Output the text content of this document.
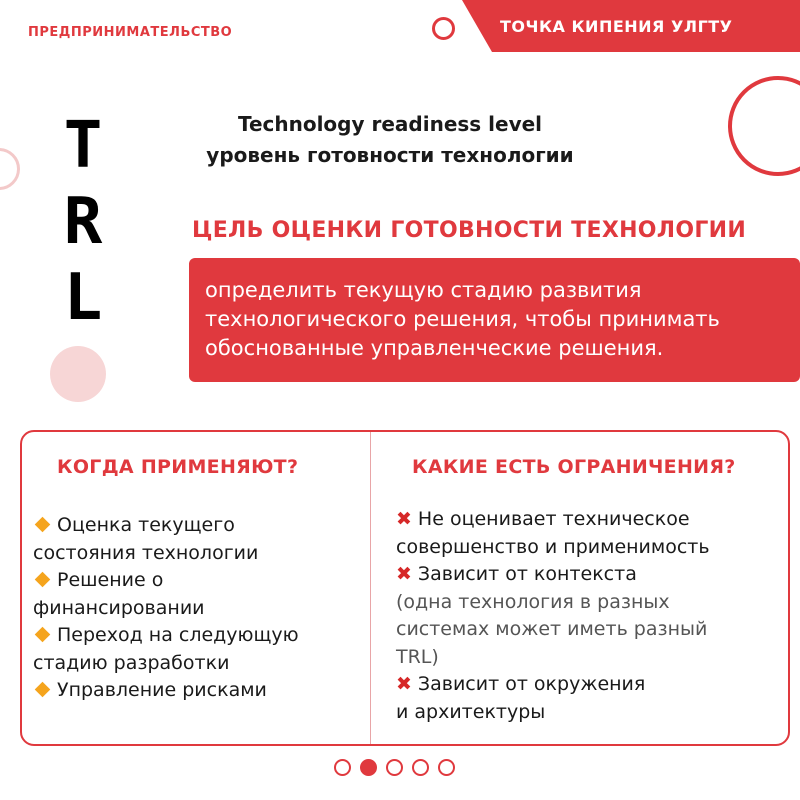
ПРЕДПРИНИМАТЕЛЬСТВО	ТОЧКА КИПЕНИЯ УЛГТУ
T
R
L
Technology readiness level
уровень готовности технологии
ЦЕЛЬ ОЦЕНКИ ГОТОВНОСТИ ТЕХНОЛОГИИ
определить текущую стадию развития
технологического решения, чтобы принимать
обоснованные управленческие решения.
КОГДА ПРИМЕНЯЮТ?	КАКИЕ ЕСТЬ ОГРАНИЧЕНИЯ?
Оценка текущего
состояния технологии
Решение о
финансировании
Переход на следующую
стадию разработки
Управление рисками
✖ Не оценивает техническое
совершенство и применимость
✖ Зависит от контекста
(одна технология в разных
системах может иметь разный
TRL)
✖ Зависит от окружения
и архитектуры
